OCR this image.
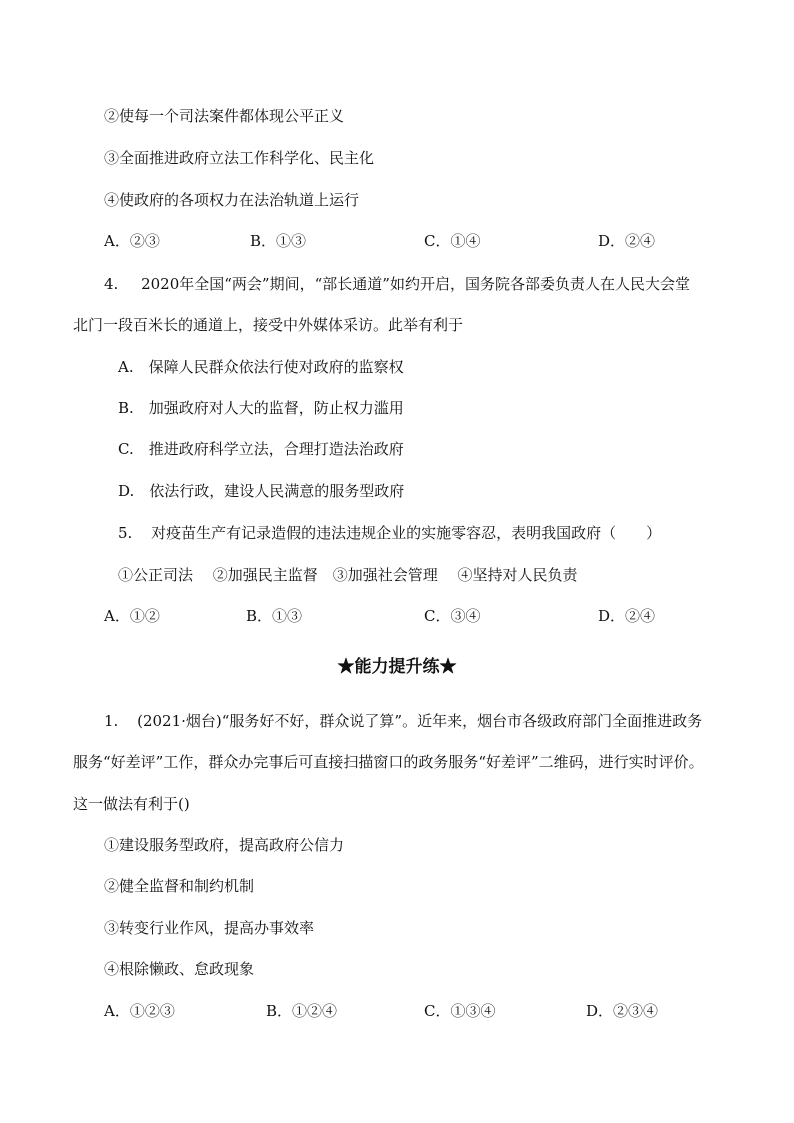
②使每一个司法案件都体现公平正义
③全面推进政府立法工作科学化、民主化
④使政府的各项权力在法治轨道上运行
A．②③	B．①③	C．①④	D．②④
4. 2020年全国“两会”期间，“部长通道”如约开启，国务院各部委负责人在人民大会堂
北门一段百米长的通道上，接受中外媒体采访。此举有利于
A.　保障人民群众依法行使对政府的监察权
B.　加强政府对人大的监督，防止权力滥用
C.　推进政府科学立法，合理打造法治政府
D.　依法行政，建设人民满意的服务型政府
5. 对疫苗生产有记录造假的违法违规企业的实施零容忍，表明我国政府（　　）
①公正司法　 ②加强民主监督　③加强社会管理　 ④坚持对人民负责
A．①②	B．①③	C．③④	D．②④
★能力提升练★
1. (2021·烟台)“服务好不好，群众说了算”。近年来，烟台市各级政府部门全面推进政务
服务“好差评”工作，群众办完事后可直接扫描窗口的政务服务“好差评”二维码，进行实时评价。
这一做法有利于()
①建设服务型政府，提高政府公信力
②健全监督和制约机制
③转变行业作风，提高办事效率
④根除懒政、怠政现象
A．①②③	B．①②④	C．①③④	D．②③④
